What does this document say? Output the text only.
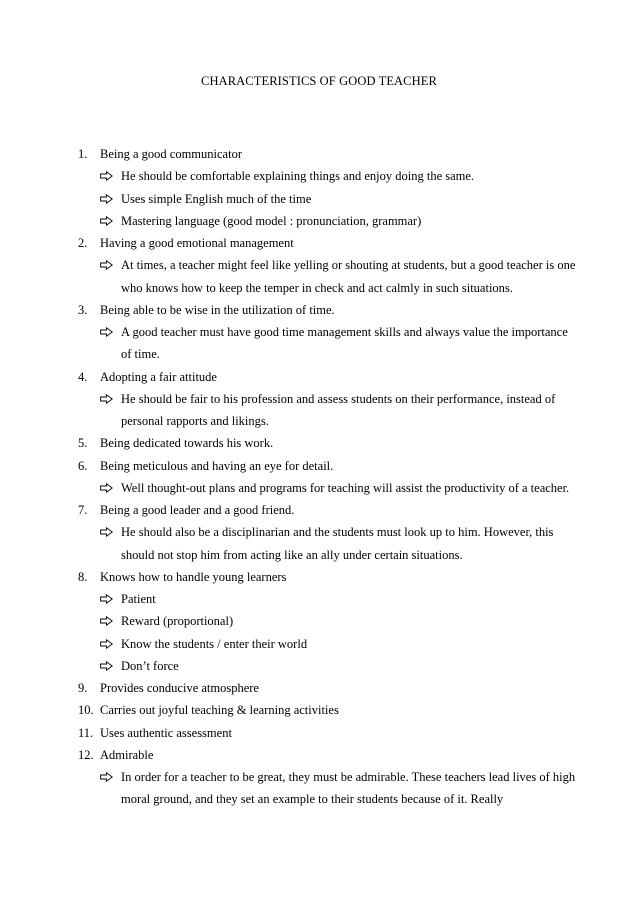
CHARACTERISTICS OF GOOD TEACHER
1. Being a good communicator
He should be comfortable explaining things and enjoy doing the same.
Uses simple English much of the time
Mastering language (good model : pronunciation, grammar)
2. Having a good emotional management
At times, a teacher might feel like yelling or shouting at students, but a good teacher is one who knows how to keep the temper in check and act calmly in such situations.
3. Being able to be wise in the utilization of time.
A good teacher must have good time management skills and always value the importance of time.
4. Adopting a fair attitude
He should be fair to his profession and assess students on their performance, instead of personal rapports and likings.
5. Being dedicated towards his work.
6. Being meticulous and having an eye for detail.
Well thought-out plans and programs for teaching will assist the productivity of a teacher.
7. Being a good leader and a good friend.
He should also be a disciplinarian and the students must look up to him. However, this should not stop him from acting like an ally under certain situations.
8. Knows how to handle young learners
Patient
Reward (proportional)
Know the students / enter their world
Don’t force
9. Provides conducive atmosphere
10. Carries out joyful teaching & learning activities
11. Uses authentic assessment
12. Admirable
In order for a teacher to be great, they must be admirable. These teachers lead lives of high moral ground, and they set an example to their students because of it. Really
